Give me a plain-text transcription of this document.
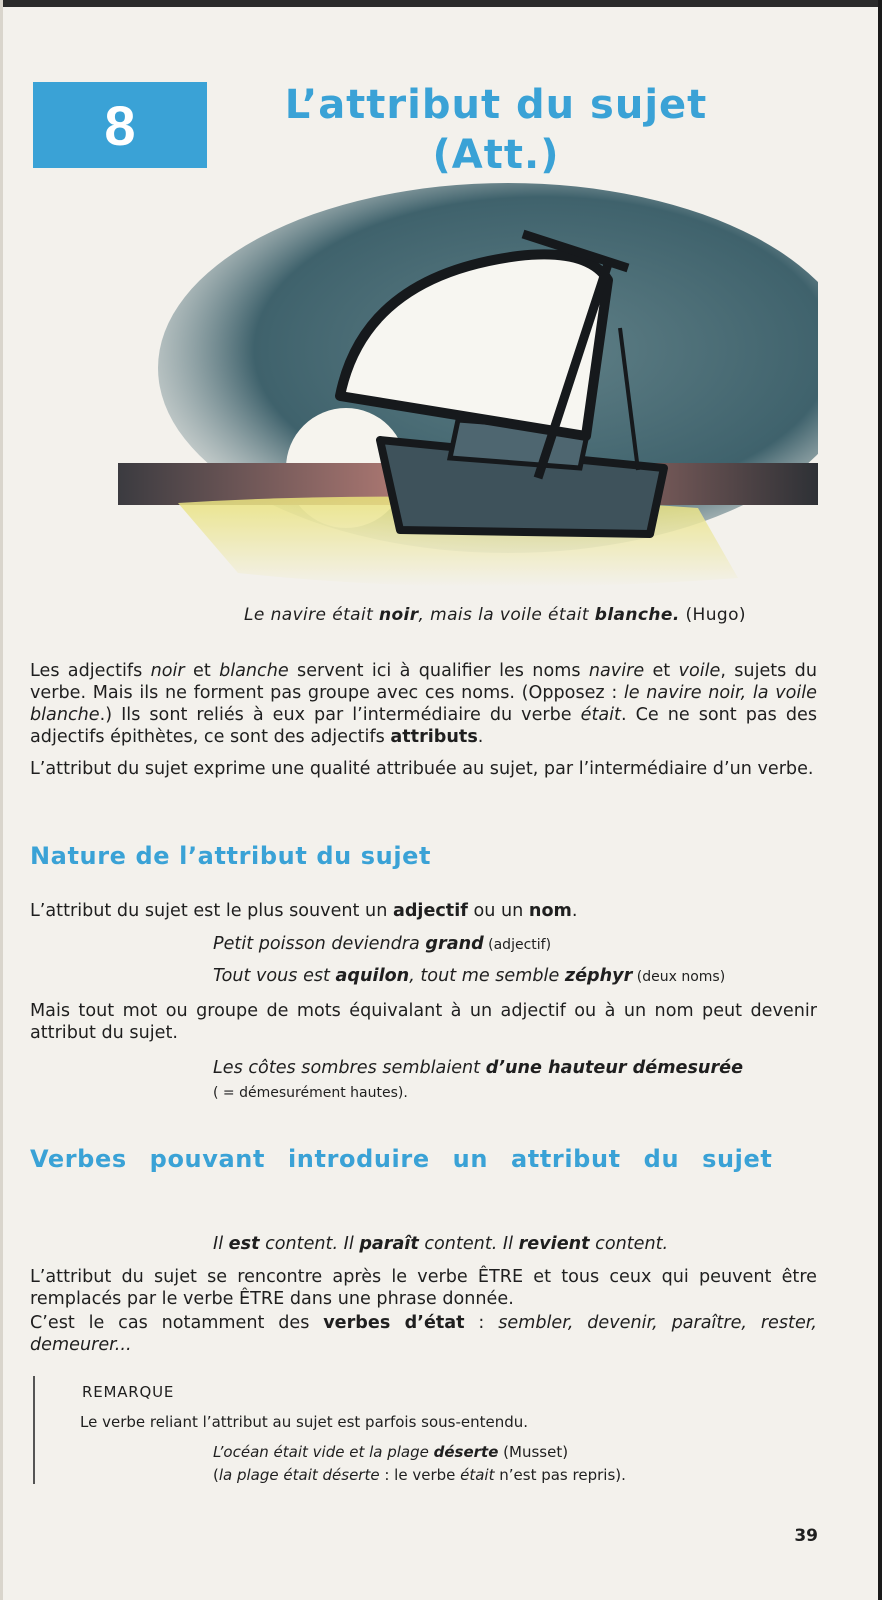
8	L’attribut du sujet
(Att.)
Le navire était noir, mais la voile était blanche. (Hugo)
Les adjectifs noir et blanche servent ici à qualifier les noms navire et voile, sujets du verbe. Mais ils ne forment pas groupe avec ces noms. (Opposez : le navire noir, la voile blanche.) Ils sont reliés à eux par l’intermédiaire du verbe était. Ce ne sont pas des adjectifs épithètes, ce sont des adjectifs attributs.
L’attribut du sujet exprime une qualité attribuée au sujet, par l’intermédiaire d’un verbe.
Nature de l’attribut du sujet
L’attribut du sujet est le plus souvent un adjectif ou un nom.
Petit poisson deviendra grand (adjectif)
Tout vous est aquilon, tout me semble zéphyr (deux noms)
Mais tout mot ou groupe de mots équivalant à un adjectif ou à un nom peut devenir attribut du sujet.
Les côtes sombres semblaient d’une hauteur démesurée
( = démesurément hautes).
Verbes pouvant introduire un attribut du sujet
Il est content. Il paraît content. Il revient content.
L’attribut du sujet se rencontre après le verbe ÊTRE et tous ceux qui peuvent être remplacés par le verbe ÊTRE dans une phrase donnée.
C’est le cas notamment des verbes d’état : sembler, devenir, paraître, rester, demeurer...
REMARQUE
Le verbe reliant l’attribut au sujet est parfois sous-entendu.
L’océan était vide et la plage déserte (Musset)
(la plage était déserte : le verbe était n’est pas repris).
39
